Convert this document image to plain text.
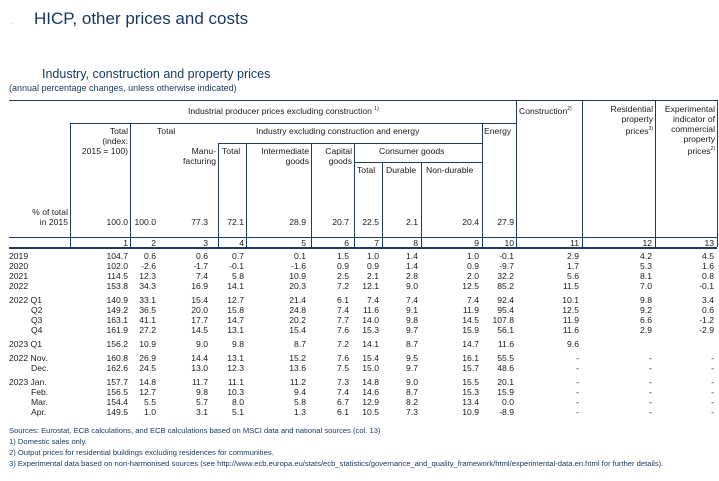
. HICP, other prices and costs
Industry, construction and property prices
(annual percentage changes, unless otherwise indicated)
Industrial producer prices excluding construction $^{1)}$	Construction$^{2)}$	Residential
property
prices$^{3)}$
Experimental
indicator of
commercial
property
prices$^{2)}$
Total
(index:
2015 = 100)
Total	Industry excluding construction and energy	Energy
Manu-
facturing
Total	Intermediate
goods
Capital
goods
Consumer goods
Total Durable Non-durable
% of total
in 2015	100.0 100.0	77.3	72.1	28.9	20.7	22.5	2.1	20.4	27.9
1	2	3	4	5	6	7	8	9	10	11	12	13
2019	104.7	0.6	0.6	0.7	0.1	1.5	1.0	1.4	1.0	-0.1	2.9	4.2	4.5
2020	102.0	-2.6	-1.7	-0.1	-1.6	0.9	0.9	1.4	0.9	-9.7	1.7	5.3	1.6
2021	114.5	12.3	7.4	5.8	10.9	2.5	2.1	2.8	2.0	32.2	5.6	8.1	0.8
2022	153.8	34.3	16.9	14.1	20.3	7.2	12.1	9.0	12.5	85.2	11.5	7.0	-0.1
2022 Q1	140.9	33.1	15.4	12.7	21.4	6.1	7.4	7.4	7.4	92.4	10.1	9.8	3.4
Q2	149.2	36.5	20.0	15.8	24.8	7.4	11.6	9.1	11.9	95.4	12.5	9.2	0.6
Q3	163.1	41.1	17.7	14.7	20.2	7.7	14.0	9.8	14.5	107.8	11.9	6.6	-1.2
Q4	161.9	27.2	14.5	13.1	15.4	7.6	15.3	9.7	15.9	56.1	11.6	2.9	-2.9
2023 Q1	156.2	10.9	9.0	9.8	8.7	7.2	14.1	8.7	14.7	11.6	9.6
2022 Nov.	160.8	26.9	14.4	13.1	15.2	7.6	15.4	9.5	16.1	55.5	-	-	-
Dec.	162.6	24.5	13.0	12.3	13.6	7.5	15.0	9.7	15.7	48.6	-	-	-
2023 Jan.	157.7	14.8	11.7	11.1	11.2	7.3	14.8	9.0	15.5	20.1	-	-	-
Feb.	156.5	12.7	9.8	10.3	9.4	7.4	14.6	8.7	15.3	15.9	-	-	-
Mar.	154.4	5.5	5.7	8.0	5.8	6.7	12.9	8.2	13.4	0.0	-	-	-
Apr.	149.5	1.0	3.1	5.1	1.3	6.1	10.5	7.3	10.9	-8.9	-	-	-
Sources: Eurostat, ECB calculations, and ECB calculations based on MSCI data and national sources (col. 13)
1) Domestic sales only.
2) Output prices for residential buildings excluding residences for communities.
3) Experimental data based on non-harmonised sources (see http://www.ecb.europa.eu/stats/ecb_statistics/governance_and_quality_framework/html/experimental-data.en.html for further details).
